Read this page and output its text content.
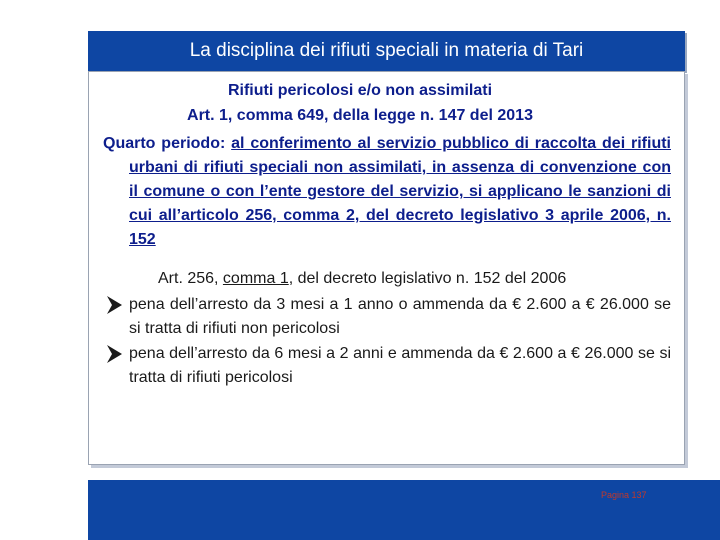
La disciplina dei rifiuti speciali in materia di Tari
Rifiuti pericolosi e/o non assimilati
Art. 1, comma 649, della legge n. 147 del 2013
Quarto periodo: al conferimento al servizio pubblico di raccolta dei rifiuti urbani di rifiuti speciali non assimilati, in assenza di convenzione con il comune o con l’ente gestore del servizio, si applicano le sanzioni di cui all’articolo 256, comma 2, del decreto legislativo 3 aprile 2006, n. 152
Art. 256, comma 1, del decreto legislativo n. 152 del 2006
pena dell’arresto da 3 mesi a 1 anno o ammenda da € 2.600 a € 26.000 se si tratta di rifiuti non pericolosi
pena dell’arresto da 6 mesi a 2 anni e ammenda da € 2.600 a € 26.000 se si tratta di rifiuti pericolosi
Pagina 137
